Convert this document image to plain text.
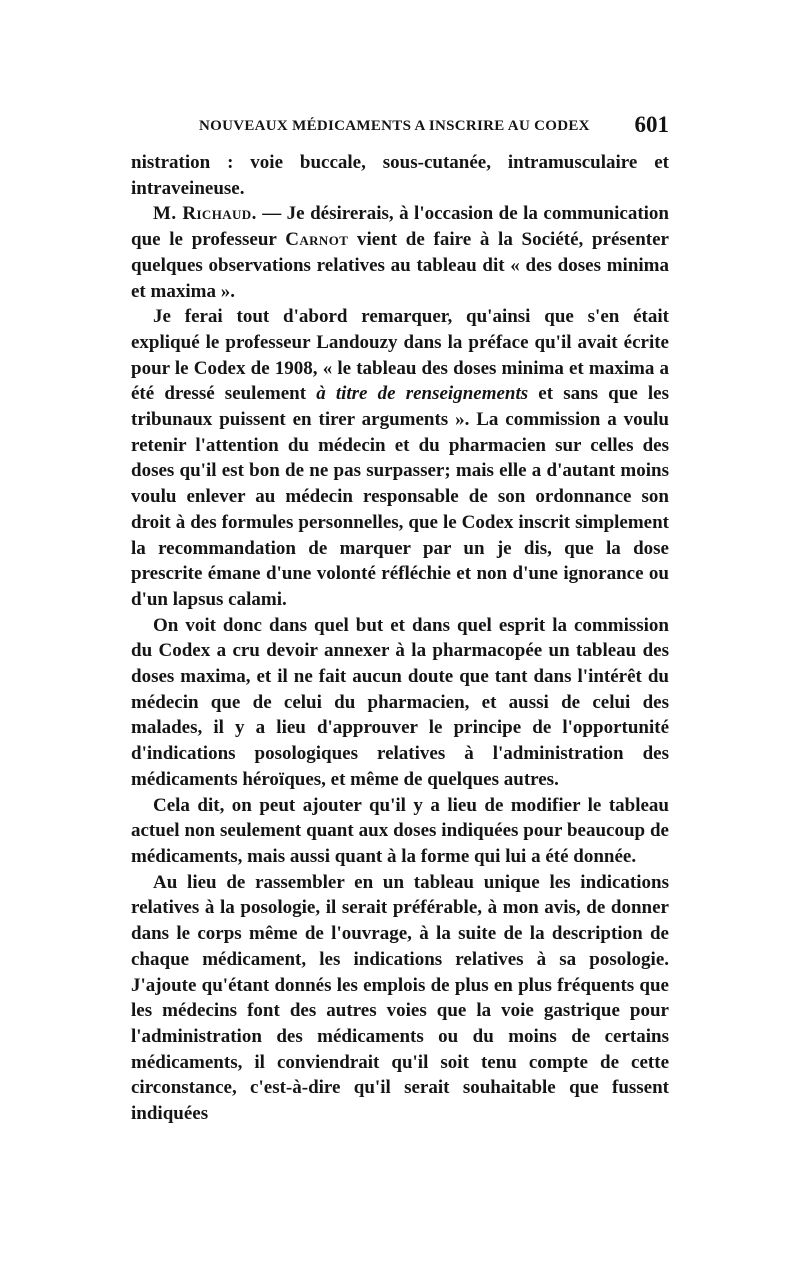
NOUVEAUX MÉDICAMENTS A INSCRIRE AU CODEX 601

nistration : voie buccale, sous-cutanée, intramusculaire et intraveineuse.

M. Richaud. — Je désirerais, à l'occasion de la communication que le professeur Carnot vient de faire à la Société, présenter quelques observations relatives au tableau dit « des doses minima et maxima ».

Je ferai tout d'abord remarquer, qu'ainsi que s'en était expliqué le professeur Landouzy dans la préface qu'il avait écrite pour le Codex de 1908, « le tableau des doses minima et maxima a été dressé seulement à titre de renseignements et sans que les tribunaux puissent en tirer arguments ». La commission a voulu retenir l'attention du médecin et du pharmacien sur celles des doses qu'il est bon de ne pas surpasser; mais elle a d'autant moins voulu enlever au médecin responsable de son ordonnance son droit à des formules personnelles, que le Codex inscrit simplement la recommandation de marquer par un je dis, que la dose prescrite émane d'une volonté réfléchie et non d'une ignorance ou d'un lapsus calami.

On voit donc dans quel but et dans quel esprit la commission du Codex a cru devoir annexer à la pharmacopée un tableau des doses maxima, et il ne fait aucun doute que tant dans l'intérêt du médecin que de celui du pharmacien, et aussi de celui des malades, il y a lieu d'approuver le principe de l'opportunité d'indications posologiques relatives à l'administration des médicaments héroïques, et même de quelques autres.

Cela dit, on peut ajouter qu'il y a lieu de modifier le tableau actuel non seulement quant aux doses indiquées pour beaucoup de médicaments, mais aussi quant à la forme qui lui a été donnée.

Au lieu de rassembler en un tableau unique les indications relatives à la posologie, il serait préférable, à mon avis, de donner dans le corps même de l'ouvrage, à la suite de la description de chaque médicament, les indications relatives à sa posologie. J'ajoute qu'étant donnés les emplois de plus en plus fréquents que les médecins font des autres voies que la voie gastrique pour l'administration des médicaments ou du moins de certains médicaments, il conviendrait qu'il soit tenu compte de cette circonstance, c'est-à-dire qu'il serait souhaitable que fussent indiquées
